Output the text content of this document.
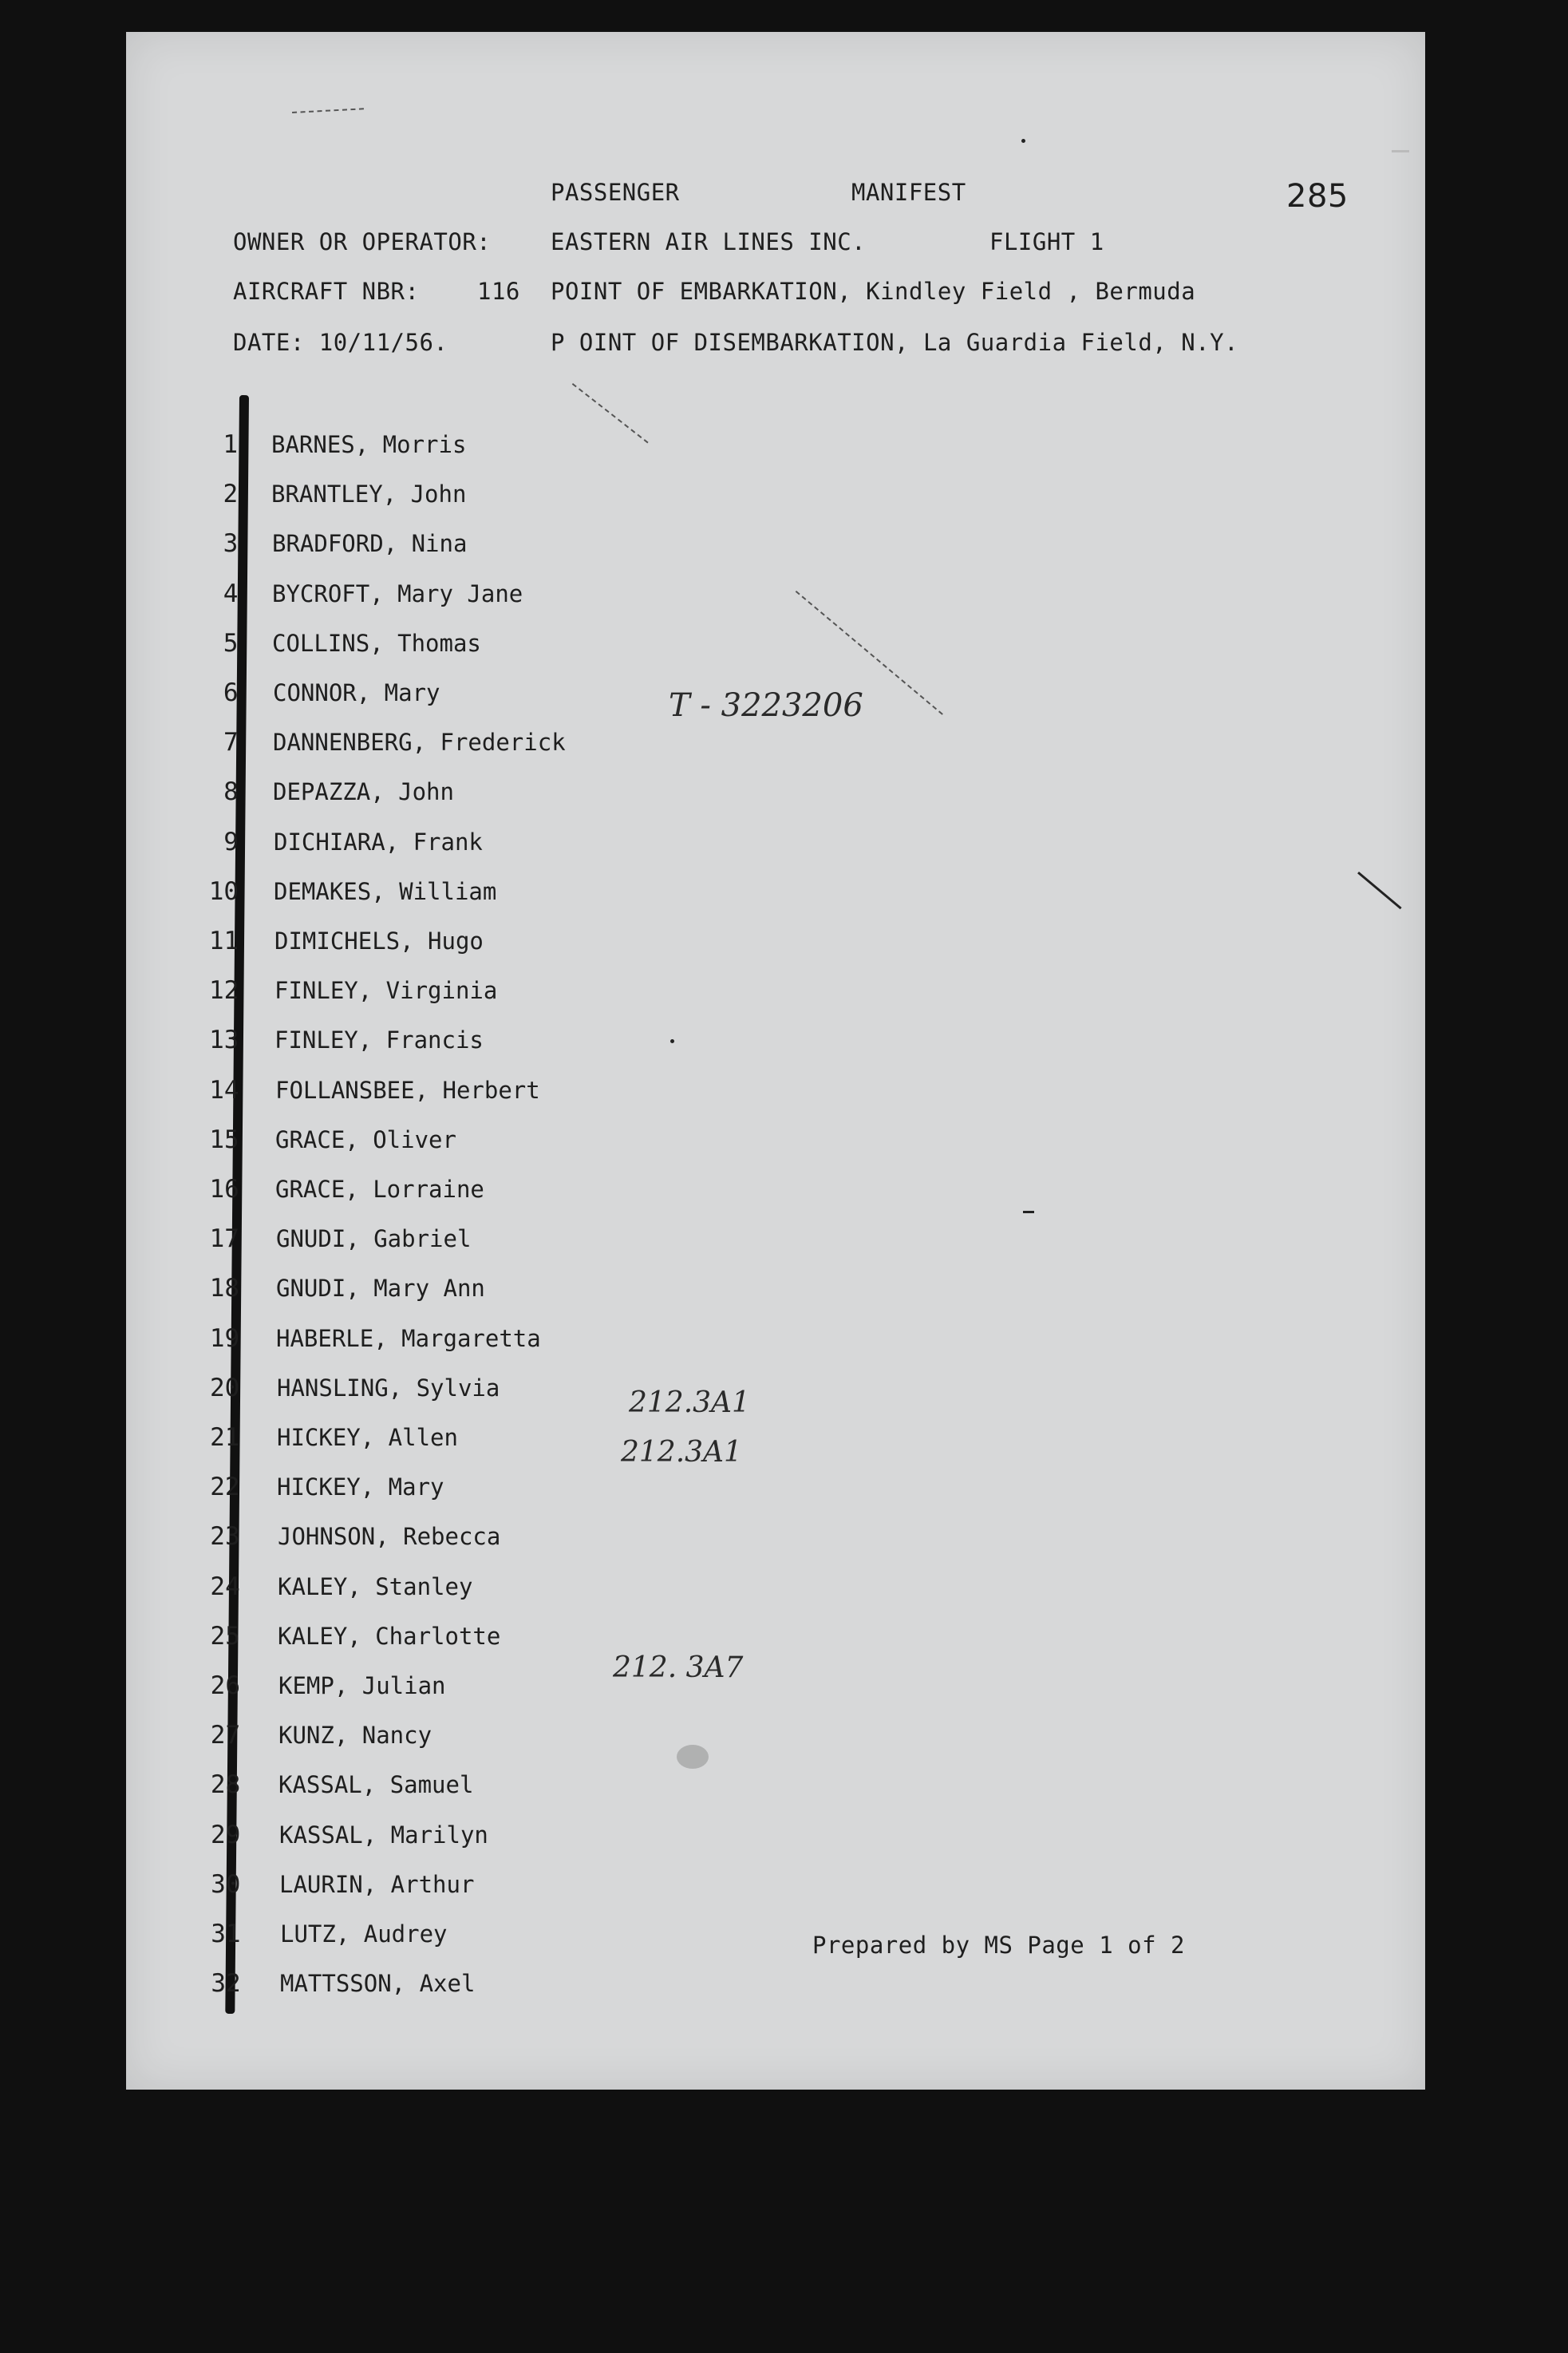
PASSENGER	MANIFEST	285
OWNER OR OPERATOR:	EASTERN AIR LINES INC.	FLIGHT 1
AIRCRAFT NBR:	116 POINT OF EMBARKATION, Kindley Field , Bermuda
DATE: 10/11/56.	P OINT OF DISEMBARKATION, La Guardia Field, N.Y.
1 BARNES, Morris
2 BRANTLEY, John
3 BRADFORD, Nina
4 BYCROFT, Mary Jane
5 COLLINS, Thomas
6 CONNOR, Mary
7 DANNENBERG, Frederick
8 DEPAZZA, John
9 DICHIARA, Frank
10 DEMAKES, William
11 DIMICHELS, Hugo
12 FINLEY, Virginia
13 FINLEY, Francis
14 FOLLANSBEE, Herbert
15 GRACE, Oliver
16 GRACE, Lorraine
17 GNUDI, Gabriel
18 GNUDI, Mary Ann
19 HABERLE, Margaretta
20 HANSLING, Sylvia
21 HICKEY, Allen
22 HICKEY, Mary
23 JOHNSON, Rebecca
24 KALEY, Stanley
25 KALEY, Charlotte
26 KEMP, Julian
27 KUNZ, Nancy
28 KASSAL, Samuel
29 KASSAL, Marilyn
30 LAURIN, Arthur
31 LUTZ, Audrey
32 MATTSSON, Axel
T - 3223206
212.3A1
212.3A1
212. 3A7
Prepared by MS Page 1 of 2
